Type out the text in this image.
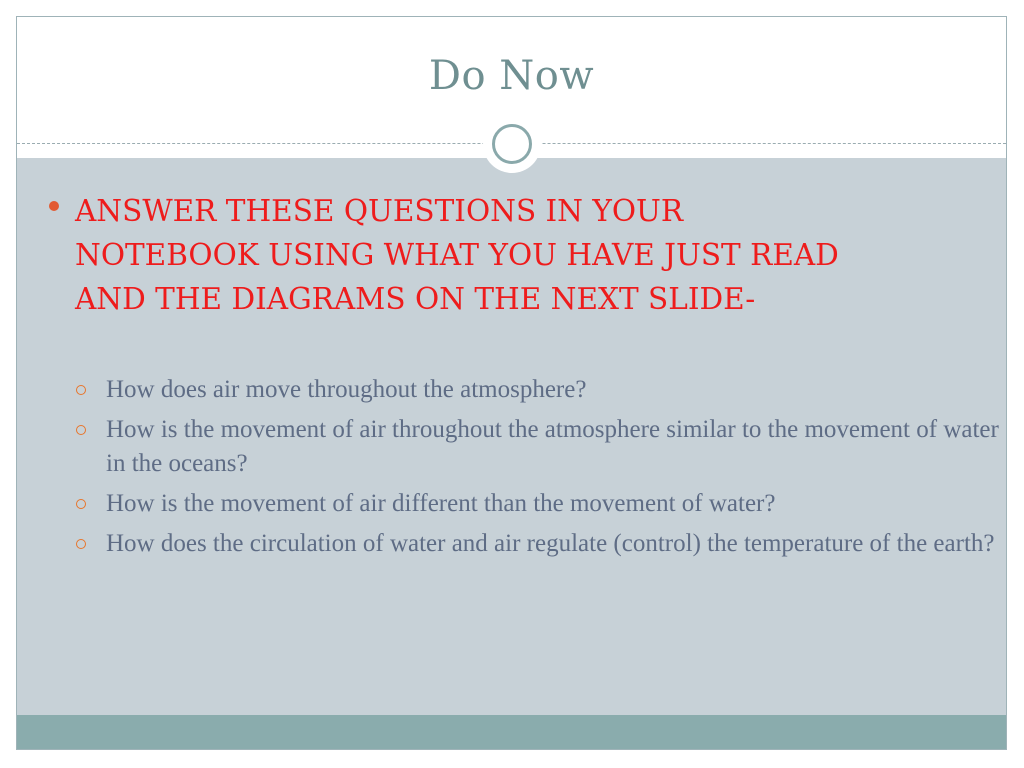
Do Now
ANSWER THESE QUESTIONS IN YOUR NOTEBOOK USING WHAT YOU HAVE JUST READ AND THE DIAGRAMS ON THE NEXT SLIDE-
How does air move throughout the atmosphere?
How is the movement of air throughout the atmosphere similar to the movement of water in the oceans?
How is the movement of air different than the movement of water?
How does the circulation of water and air regulate (control) the temperature of the earth?
